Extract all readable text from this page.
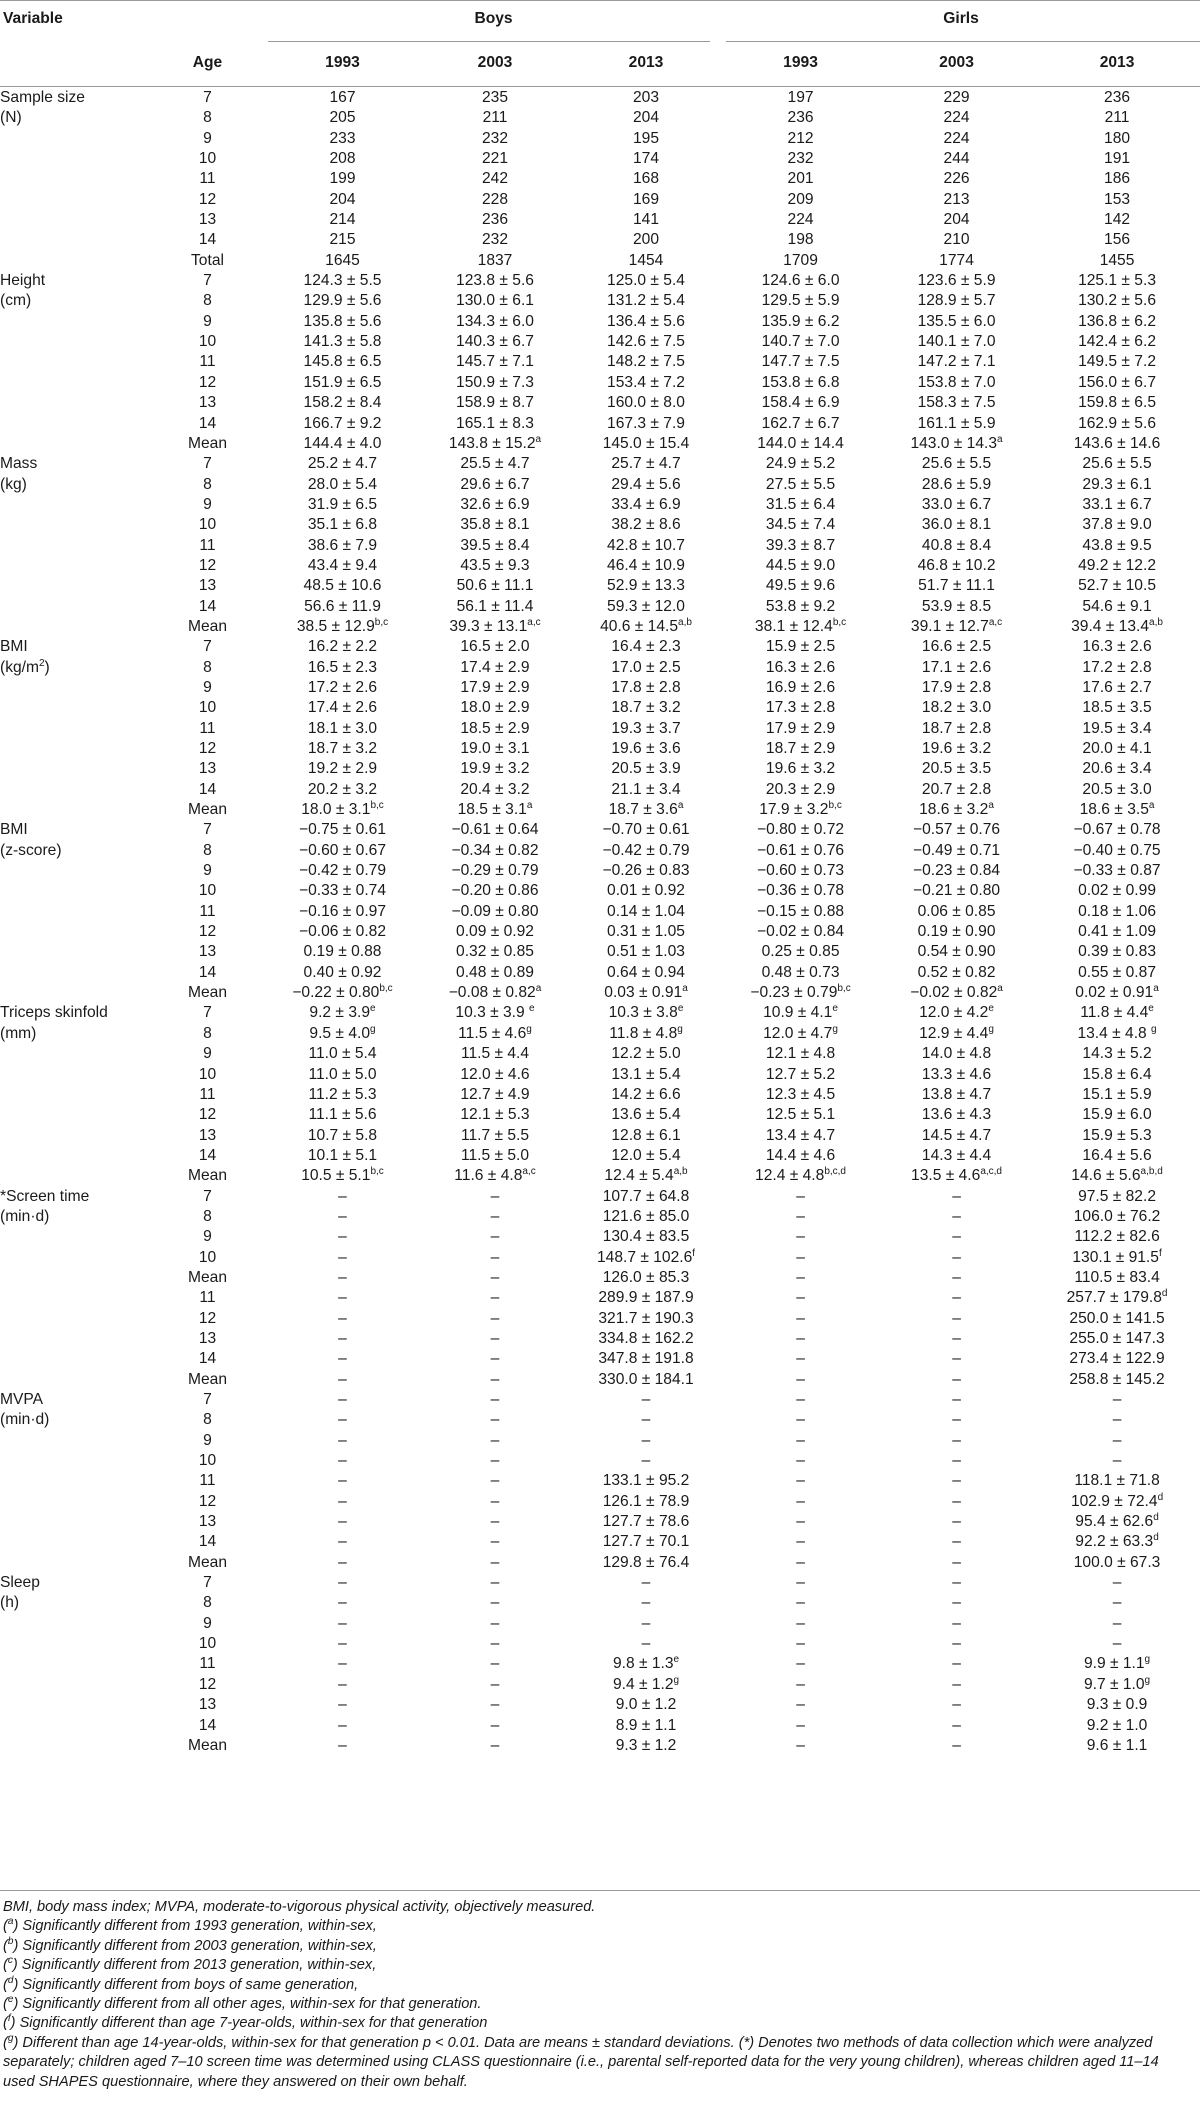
Variable		Boys			Girls		
	Age	1993	2003	2013	1993	2003	2013
Sample size	7	167	235	203	197	229	236
(N)	8	205	211	204	236	224	211
	9	233	232	195	212	224	180
	10	208	221	174	232	244	191
	11	199	242	168	201	226	186
	12	204	228	169	209	213	153
	13	214	236	141	224	204	142
	14	215	232	200	198	210	156
	Total	1645	1837	1454	1709	1774	1455
Height	7	124.3 ± 5.5	123.8 ± 5.6	125.0 ± 5.4	124.6 ± 6.0	123.6 ± 5.9	125.1 ± 5.3
(cm)	8	129.9 ± 5.6	130.0 ± 6.1	131.2 ± 5.4	129.5 ± 5.9	128.9 ± 5.7	130.2 ± 5.6
	9	135.8 ± 5.6	134.3 ± 6.0	136.4 ± 5.6	135.9 ± 6.2	135.5 ± 6.0	136.8 ± 6.2
	10	141.3 ± 5.8	140.3 ± 6.7	142.6 ± 7.5	140.7 ± 7.0	140.1 ± 7.0	142.4 ± 6.2
	11	145.8 ± 6.5	145.7 ± 7.1	148.2 ± 7.5	147.7 ± 7.5	147.2 ± 7.1	149.5 ± 7.2
	12	151.9 ± 6.5	150.9 ± 7.3	153.4 ± 7.2	153.8 ± 6.8	153.8 ± 7.0	156.0 ± 6.7
	13	158.2 ± 8.4	158.9 ± 8.7	160.0 ± 8.0	158.4 ± 6.9	158.3 ± 7.5	159.8 ± 6.5
	14	166.7 ± 9.2	165.1 ± 8.3	167.3 ± 7.9	162.7 ± 6.7	161.1 ± 5.9	162.9 ± 5.6
	Mean	144.4 ± 4.0	143.8 ± 15.2$^a$	145.0 ± 15.4	144.0 ± 14.4	143.0 ± 14.3$^a$	143.6 ± 14.6
Mass	7	25.2 ± 4.7	25.5 ± 4.7	25.7 ± 4.7	24.9 ± 5.2	25.6 ± 5.5	25.6 ± 5.5
(kg)	8	28.0 ± 5.4	29.6 ± 6.7	29.4 ± 5.6	27.5 ± 5.5	28.6 ± 5.9	29.3 ± 6.1
	9	31.9 ± 6.5	32.6 ± 6.9	33.4 ± 6.9	31.5 ± 6.4	33.0 ± 6.7	33.1 ± 6.7
	10	35.1 ± 6.8	35.8 ± 8.1	38.2 ± 8.6	34.5 ± 7.4	36.0 ± 8.1	37.8 ± 9.0
	11	38.6 ± 7.9	39.5 ± 8.4	42.8 ± 10.7	39.3 ± 8.7	40.8 ± 8.4	43.8 ± 9.5
	12	43.4 ± 9.4	43.5 ± 9.3	46.4 ± 10.9	44.5 ± 9.0	46.8 ± 10.2	49.2 ± 12.2
	13	48.5 ± 10.6	50.6 ± 11.1	52.9 ± 13.3	49.5 ± 9.6	51.7 ± 11.1	52.7 ± 10.5
	14	56.6 ± 11.9	56.1 ± 11.4	59.3 ± 12.0	53.8 ± 9.2	53.9 ± 8.5	54.6 ± 9.1
	Mean	$38.5 \pm 12.9^{b,c}$	$39.3 \pm 13.1^{a,c}$	$40.6 \pm 14.5^{a,b}$	$38.1 \pm 12.4^{b,c}$	$39.1 \pm 12.7^{a,c}$	$39.4 \pm 13.4^{a,b}$
BMI	7	16.2 ± 2.2	16.5 ± 2.0	16.4 ± 2.3	15.9 ± 2.5	16.6 ± 2.5	16.3 ± 2.6
$(kg/m^2)$	8	16.5 ± 2.3	17.4 ± 2.9	17.0 ± 2.5	16.3 ± 2.6	17.1 ± 2.6	17.2 ± 2.8
	9	17.2 ± 2.6	17.9 ± 2.9	17.8 ± 2.8	16.9 ± 2.6	17.9 ± 2.8	17.6 ± 2.7
	10	17.4 ± 2.6	18.0 ± 2.9	18.7 ± 3.2	17.3 ± 2.8	18.2 ± 3.0	18.5 ± 3.5
	11	18.1 ± 3.0	18.5 ± 2.9	19.3 ± 3.7	17.9 ± 2.9	18.7 ± 2.8	19.5 ± 3.4
	12	18.7 ± 3.2	19.0 ± 3.1	19.6 ± 3.6	18.7 ± 2.9	19.6 ± 3.2	20.0 ± 4.1
	13	19.2 ± 2.9	19.9 ± 3.2	20.5 ± 3.9	19.6 ± 3.2	20.5 ± 3.5	20.6 ± 3.4
	14	20.2 ± 3.2	20.4 ± 3.2	21.1 ± 3.4	20.3 ± 2.9	20.7 ± 2.8	20.5 ± 3.0
	Mean	$18.0 \pm 3.1^{b,c}$	18.5 ± 3.1$^a$	18.7 ± 3.6$^a$	$17.9 \pm 3.2^{b,c}$	18.6 ± 3.2$^a$	18.6 ± 3.5$^a$
BMI	7	−0.75 ± 0.61	−0.61 ± 0.64	−0.70 ± 0.61	−0.80 ± 0.72	−0.57 ± 0.76	−0.67 ± 0.78
(z-score)	8	−0.60 ± 0.67	−0.34 ± 0.82	−0.42 ± 0.79	−0.61 ± 0.76	−0.49 ± 0.71	−0.40 ± 0.75
	9	−0.42 ± 0.79	−0.29 ± 0.79	−0.26 ± 0.83	−0.60 ± 0.73	−0.23 ± 0.84	−0.33 ± 0.87
	10	−0.33 ± 0.74	−0.20 ± 0.86	0.01 ± 0.92	−0.36 ± 0.78	−0.21 ± 0.80	0.02 ± 0.99
	11	−0.16 ± 0.97	−0.09 ± 0.80	0.14 ± 1.04	−0.15 ± 0.88	0.06 ± 0.85	0.18 ± 1.06
	12	−0.06 ± 0.82	0.09 ± 0.92	0.31 ± 1.05	−0.02 ± 0.84	0.19 ± 0.90	0.41 ± 1.09
	13	0.19 ± 0.88	0.32 ± 0.85	0.51 ± 1.03	0.25 ± 0.85	0.54 ± 0.90	0.39 ± 0.83
	14	0.40 ± 0.92	0.48 ± 0.89	0.64 ± 0.94	0.48 ± 0.73	0.52 ± 0.82	0.55 ± 0.87
	Mean	$-0.22 \pm 0.80^{b,c}$	−0.08 ± 0.82$^a$	0.03 ± 0.91$^a$	$-0.23 \pm 0.79^{b,c}$	−0.02 ± 0.82$^a$	0.02 ± 0.91$^a$
Triceps skinfold	7	9.2 ± 3.9$^e$	10.3 ± 3.9 $^e$	10.3 ± 3.8$^e$	10.9 ± 4.1$^e$	12.0 ± 4.2$^e$	11.8 ± 4.4$^e$
(mm)	8	9.5 ± 4.0$^g$	11.5 ± 4.6$^g$	11.8 ± 4.8$^g$	12.0 ± 4.7$^g$	12.9 ± 4.4$^g$	13.4 ± 4.8 $^g$
	9	11.0 ± 5.4	11.5 ± 4.4	12.2 ± 5.0	12.1 ± 4.8	14.0 ± 4.8	14.3 ± 5.2
	10	11.0 ± 5.0	12.0 ± 4.6	13.1 ± 5.4	12.7 ± 5.2	13.3 ± 4.6	15.8 ± 6.4
	11	11.2 ± 5.3	12.7 ± 4.9	14.2 ± 6.6	12.3 ± 4.5	13.8 ± 4.7	15.1 ± 5.9
	12	11.1 ± 5.6	12.1 ± 5.3	13.6 ± 5.4	12.5 ± 5.1	13.6 ± 4.3	15.9 ± 6.0
	13	10.7 ± 5.8	11.7 ± 5.5	12.8 ± 6.1	13.4 ± 4.7	14.5 ± 4.7	15.9 ± 5.3
	14	10.1 ± 5.1	11.5 ± 5.0	12.0 ± 5.4	14.4 ± 4.6	14.3 ± 4.4	16.4 ± 5.6
	Mean	$10.5 \pm 5.1^{b,c}$	$11.6 \pm 4.8^{a,c}$	$12.4 \pm 5.4^{a,b}$	$12.4 \pm 4.8^{b,c,d}$	$13.5 \pm 4.6^{a,c,d}$	$14.6 \pm 5.6^{a,b,d}$
*Screen time	7	–	–	107.7 ± 64.8	–	–	97.5 ± 82.2
(min·d)	8	–	–	121.6 ± 85.0	–	–	106.0 ± 76.2
	9	–	–	130.4 ± 83.5	–	–	112.2 ± 82.6
	10	–	–	148.7 ± 102.6$^f$	–	–	130.1 ± 91.5$^f$
	Mean	–	–	126.0 ± 85.3	–	–	110.5 ± 83.4
	11	–	–	289.9 ± 187.9	–	–	257.7 ± 179.8$^d$
	12	–	–	321.7 ± 190.3	–	–	250.0 ± 141.5
	13	–	–	334.8 ± 162.2	–	–	255.0 ± 147.3
	14	–	–	347.8 ± 191.8	–	–	273.4 ± 122.9
	Mean	–	–	330.0 ± 184.1	–	–	258.8 ± 145.2
MVPA	7	–	–	–	–	–	–
(min·d)	8	–	–	–	–	–	–
	9	–	–	–	–	–	–
	10	–	–	–	–	–	–
	11	–	–	133.1 ± 95.2	–	–	118.1 ± 71.8
	12	–	–	126.1 ± 78.9	–	–	102.9 ± 72.4$^d$
	13	–	–	127.7 ± 78.6	–	–	95.4 ± 62.6$^d$
	14	–	–	127.7 ± 70.1	–	–	92.2 ± 63.3$^d$
	Mean	–	–	129.8 ± 76.4	–	–	100.0 ± 67.3
Sleep	7	–	–	–	–	–	–
(h)	8	–	–	–	–	–	–
	9	–	–	–	–	–	–
	10	–	–	–	–	–	–
	11	–	–	9.8 ± 1.3$^e$	–	–	9.9 ± 1.1$^g$
	12	–	–	9.4 ± 1.2$^g$	–	–	9.7 ± 1.0$^g$
	13	–	–	9.0 ± 1.2	–	–	9.3 ± 0.9
	14	–	–	8.9 ± 1.1	–	–	9.2 ± 1.0
	Mean	–	–	9.3 ± 1.2	–	–	9.6 ± 1.1

BMI, body mass index; MVPA, moderate-to-vigorous physical activity, objectively measured.

($^a$) Significantly different from 1993 generation, within-sex,

($^b$) Significantly different from 2003 generation, within-sex,

($^c$) Significantly different from 2013 generation, within-sex,

($^d$) Significantly different from boys of same generation,

($^e$) Significantly different from all other ages, within-sex for that generation.

($^f$) Significantly different than age 7-year-olds, within-sex for that generation

($^g$) Different than age 14-year-olds, within-sex for that generation p < 0.01. Data are means ± standard deviations. (*) Denotes two methods of data collection which were analyzed separately; children aged 7–10 screen time was determined using CLASS questionnaire (i.e., parental self-reported data for the very young children), whereas children aged 11–14 used SHAPES questionnaire, where they answered on their own behalf.
